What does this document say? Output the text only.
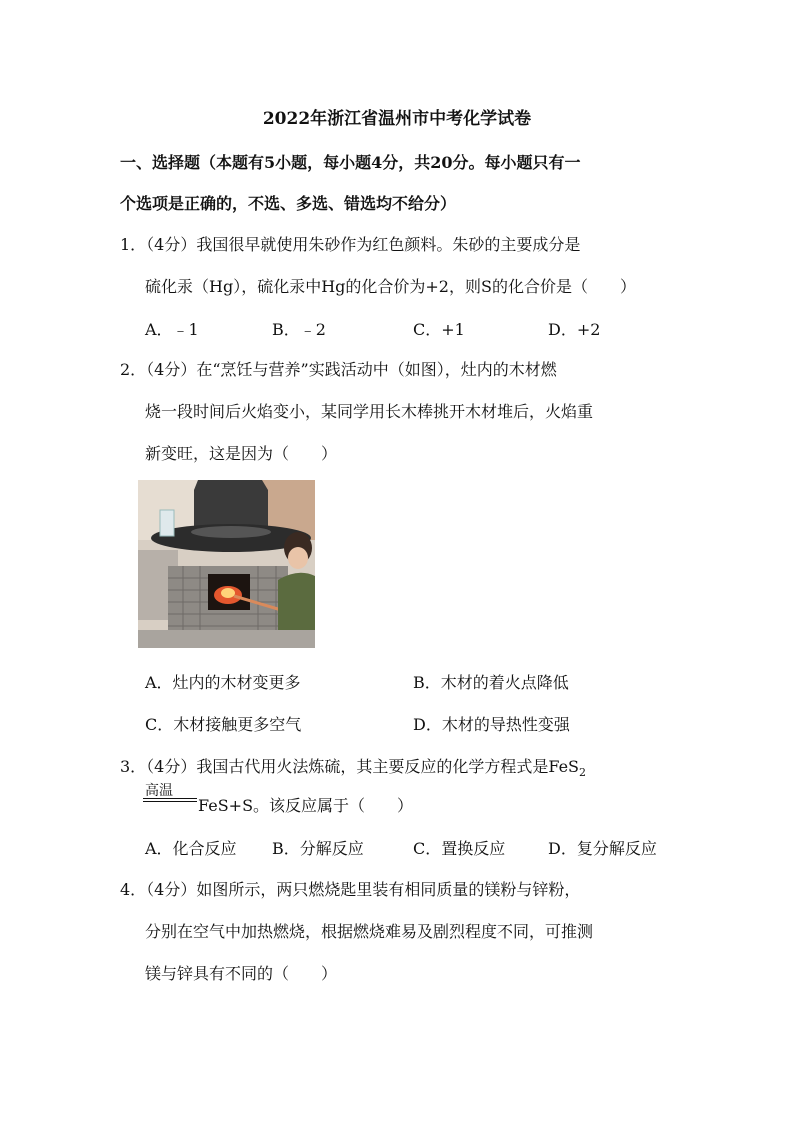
2022年浙江省温州市中考化学试卷
一、选择题（本题有5小题，每小题4分，共20分。每小题只有一
个选项是正确的，不选、多选、错选均不给分）
1．（4分）我国很早就使用朱砂作为红色颜料。朱砂的主要成分是
硫化汞（Hg），硫化汞中Hg的化合价为+2，则S的化合价是（　　）
A．﹣1	B．﹣2	C．+1	D．+2
2．（4分）在“烹饪与营养”实践活动中（如图），灶内的木材燃
烧一段时间后火焰变小，某同学用长木棒挑开木材堆后，火焰重
新变旺，这是因为（　　）
A．灶内的木材变更多	B．木材的着火点降低
C．木材接触更多空气	D．木材的导热性变强
3．（4分）我国古代用火法炼硫，其主要反应的化学方程式是FeS$_2$
高温
FeS+S。该反应属于（　　）
A．化合反应 B．分解反应	C．置换反应	D．复分解反应
4．（4分）如图所示，两只燃烧匙里装有相同质量的镁粉与锌粉，
分别在空气中加热燃烧，根据燃烧难易及剧烈程度不同，可推测
镁与锌具有不同的（　　）
